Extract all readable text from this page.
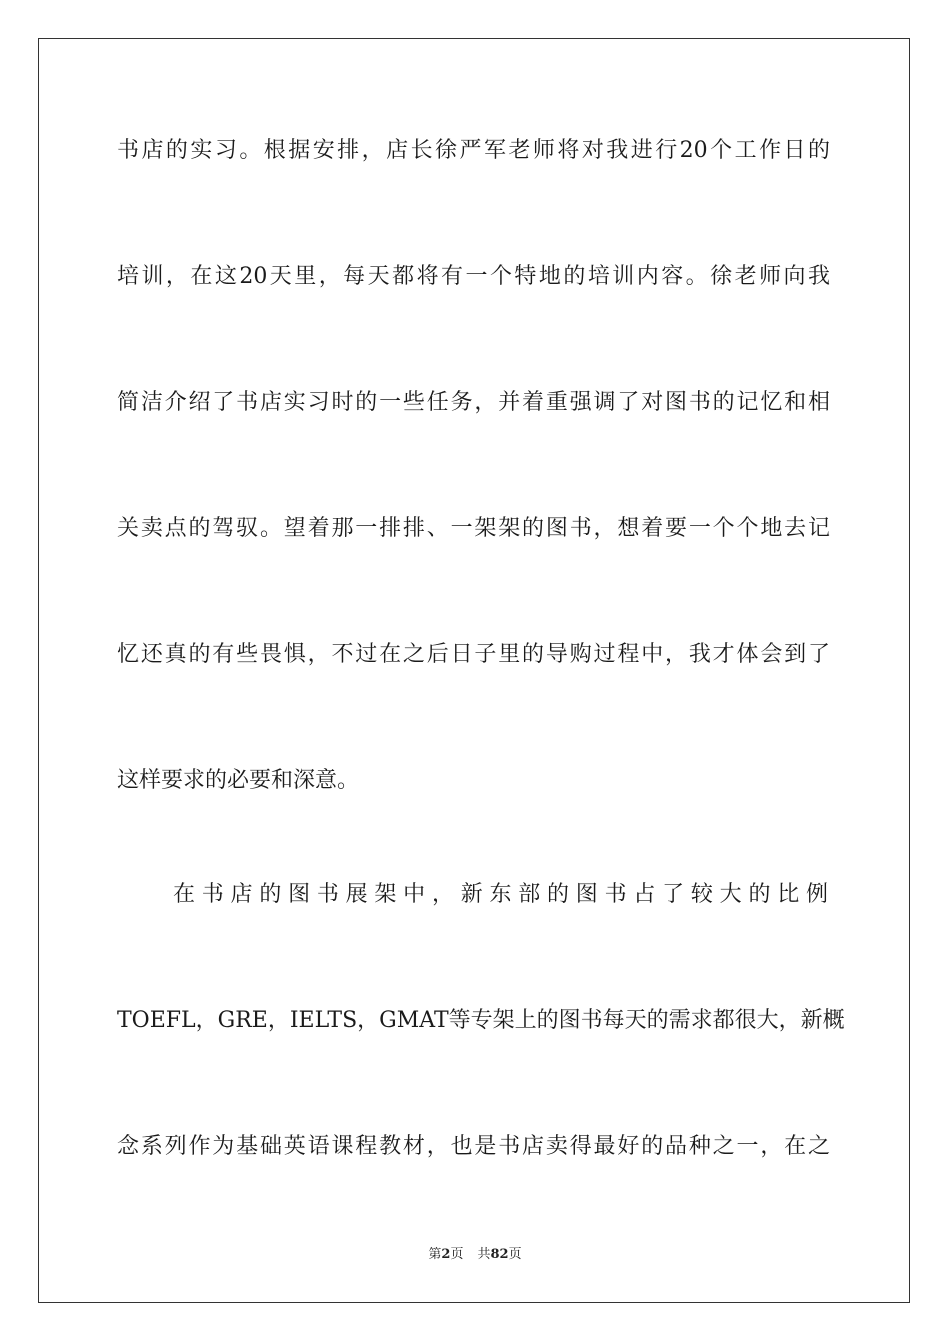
书店的实习。根据安排，店长徐严军老师将对我进行20个工作日的
培训，在这20天里，每天都将有一个特地的培训内容。徐老师向我
简洁介绍了书店实习时的一些任务，并着重强调了对图书的记忆和相
关卖点的驾驭。望着那一排排、一架架的图书，想着要一个个地去记
忆还真的有些畏惧，不过在之后日子里的导购过程中，我才体会到了
这样要求的必要和深意。
在书店的图书展架中，新东部的图书占了较大的比例
TOEFL，GRE，IELTS，GMAT等专架上的图书每天的需求都很大，新概
念系列作为基础英语课程教材，也是书店卖得最好的品种之一，在之
第2页 共82页
